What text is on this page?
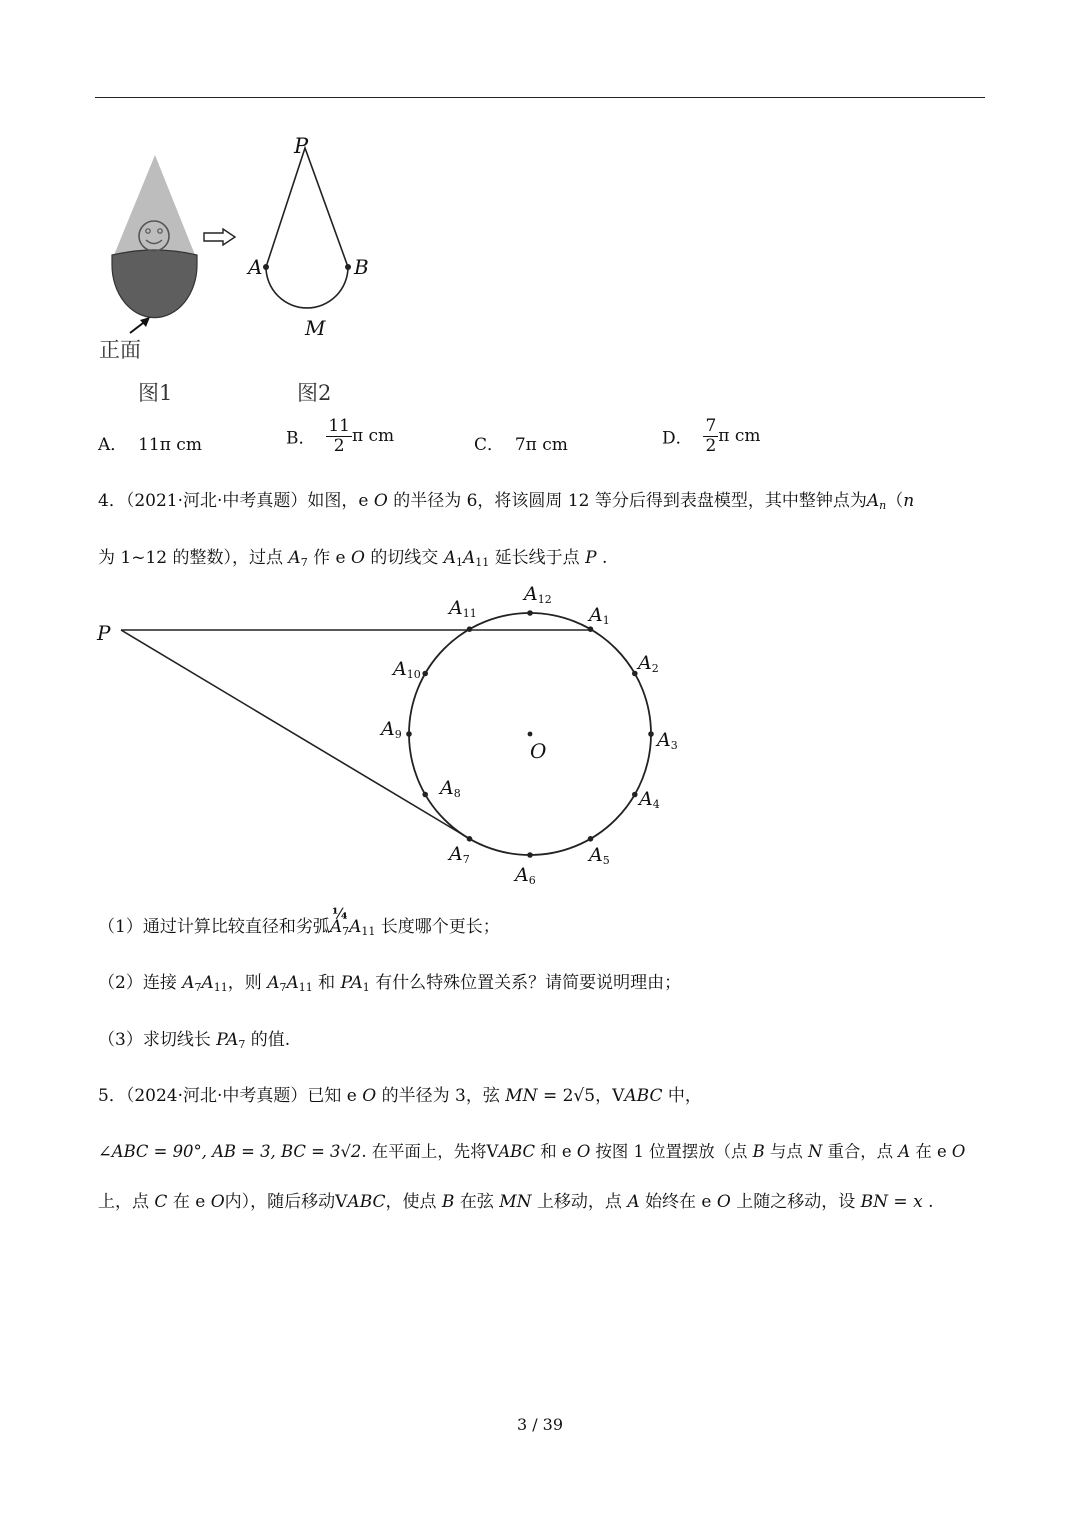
正面
图1
P
A	B
M
图2
A． 11π cm	B． $\frac{11}{2}$ π cm	C． 7π cm	D． $\frac{7}{2}$ π cm
4．（2021·河北·中考真题）如图，e O 的半径为 6，将该圆周 12 等分后得到表盘模型，其中整钟点为$A_n(n$
为 1~12 的整数），过点 $A_7$ 作 e O 的切线交 $A_1A_{11}$ 延长线于点 P .
P
O
$A_1$
$A_2$
$A_3$
$A_4$
$A_5$
$A_6$
$A_7$
$A_8$
$A_9$
$A_{10}$
$A_{11}$
$A_{12}$
（1）通过计算比较直径和劣弧
¼
$A_7A_{11}$ 长度哪个更长；
（2）连接 $A_7A_{11}$，则 $A_7A_{11}$ 和 $PA_1$ 有什么特殊位置关系？请简要说明理由；
（3）求切线长 $PA_7$ 的值.
5．（2024·河北·中考真题）已知 e O 的半径为 3，弦 MN = 2√5，VABC 中，
∠ABC = 90°, AB = 3, BC = 3√2. 在平面上，先将VABC 和 e O 按图 1 位置摆放（点 B 与点 N 重合，点 A 在 e O
上，点 C 在 e O内），随后移动VABC，使点 B 在弦 MN 上移动，点 A 始终在 e O 上随之移动，设 BN = x .
3 / 39
